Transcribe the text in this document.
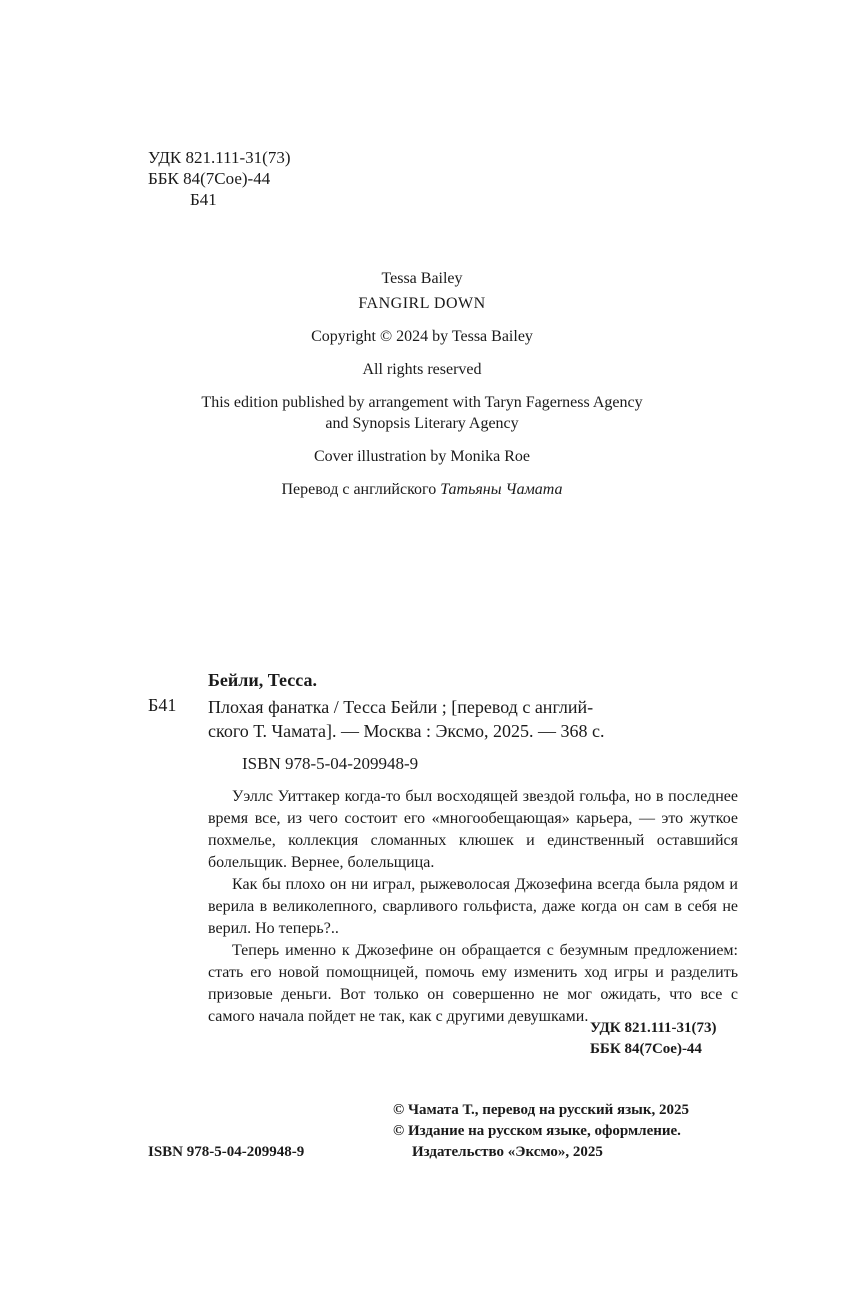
УДК 821.111-31(73)
ББК 84(7Сое)-44
Б41
Tessa Bailey
FANGIRL DOWN
Copyright © 2024 by Tessa Bailey
All rights reserved
This edition published by arrangement with Taryn Fagerness Agency
and Synopsis Literary Agency
Cover illustration by Monika Roe
Перевод с английского Татьяны Чамата
Бейли, Тесса.
Б41 Плохая фанатка / Тесса Бейли ; [перевод с англий-
ского Т. Чамата]. — Москва : Эксмо, 2025. — 368 с.
ISBN 978-5-04-209948-9

Уэллс Уиттакер когда-то был восходящей звездой гольфа, но в последнее время все, из чего состоит его «многообещающая» карьера, — это жуткое похмелье, коллекция сломанных клюшек и единственный оставшийся болельщик. Вернее, болельщица.

Как бы плохо он ни играл, рыжеволосая Джозефина всегда была рядом и верила в великолепного, сварливого гольфиста, даже когда он сам в себя не верил. Но теперь?..

Теперь именно к Джозефине он обращается с безумным предложением: стать его новой помощницей, помочь ему изменить ход игры и разделить призовые деньги. Вот только он совершенно не мог ожидать, что все с самого начала пойдет не так, как с другими девушками.

УДК 821.111-31(73)
ББК 84(7Сое)-44
ISBN 978-5-04-209948-9
© Чамата Т., перевод на русский язык, 2025
© Издание на русском языке, оформление.
Издательство «Эксмо», 2025
